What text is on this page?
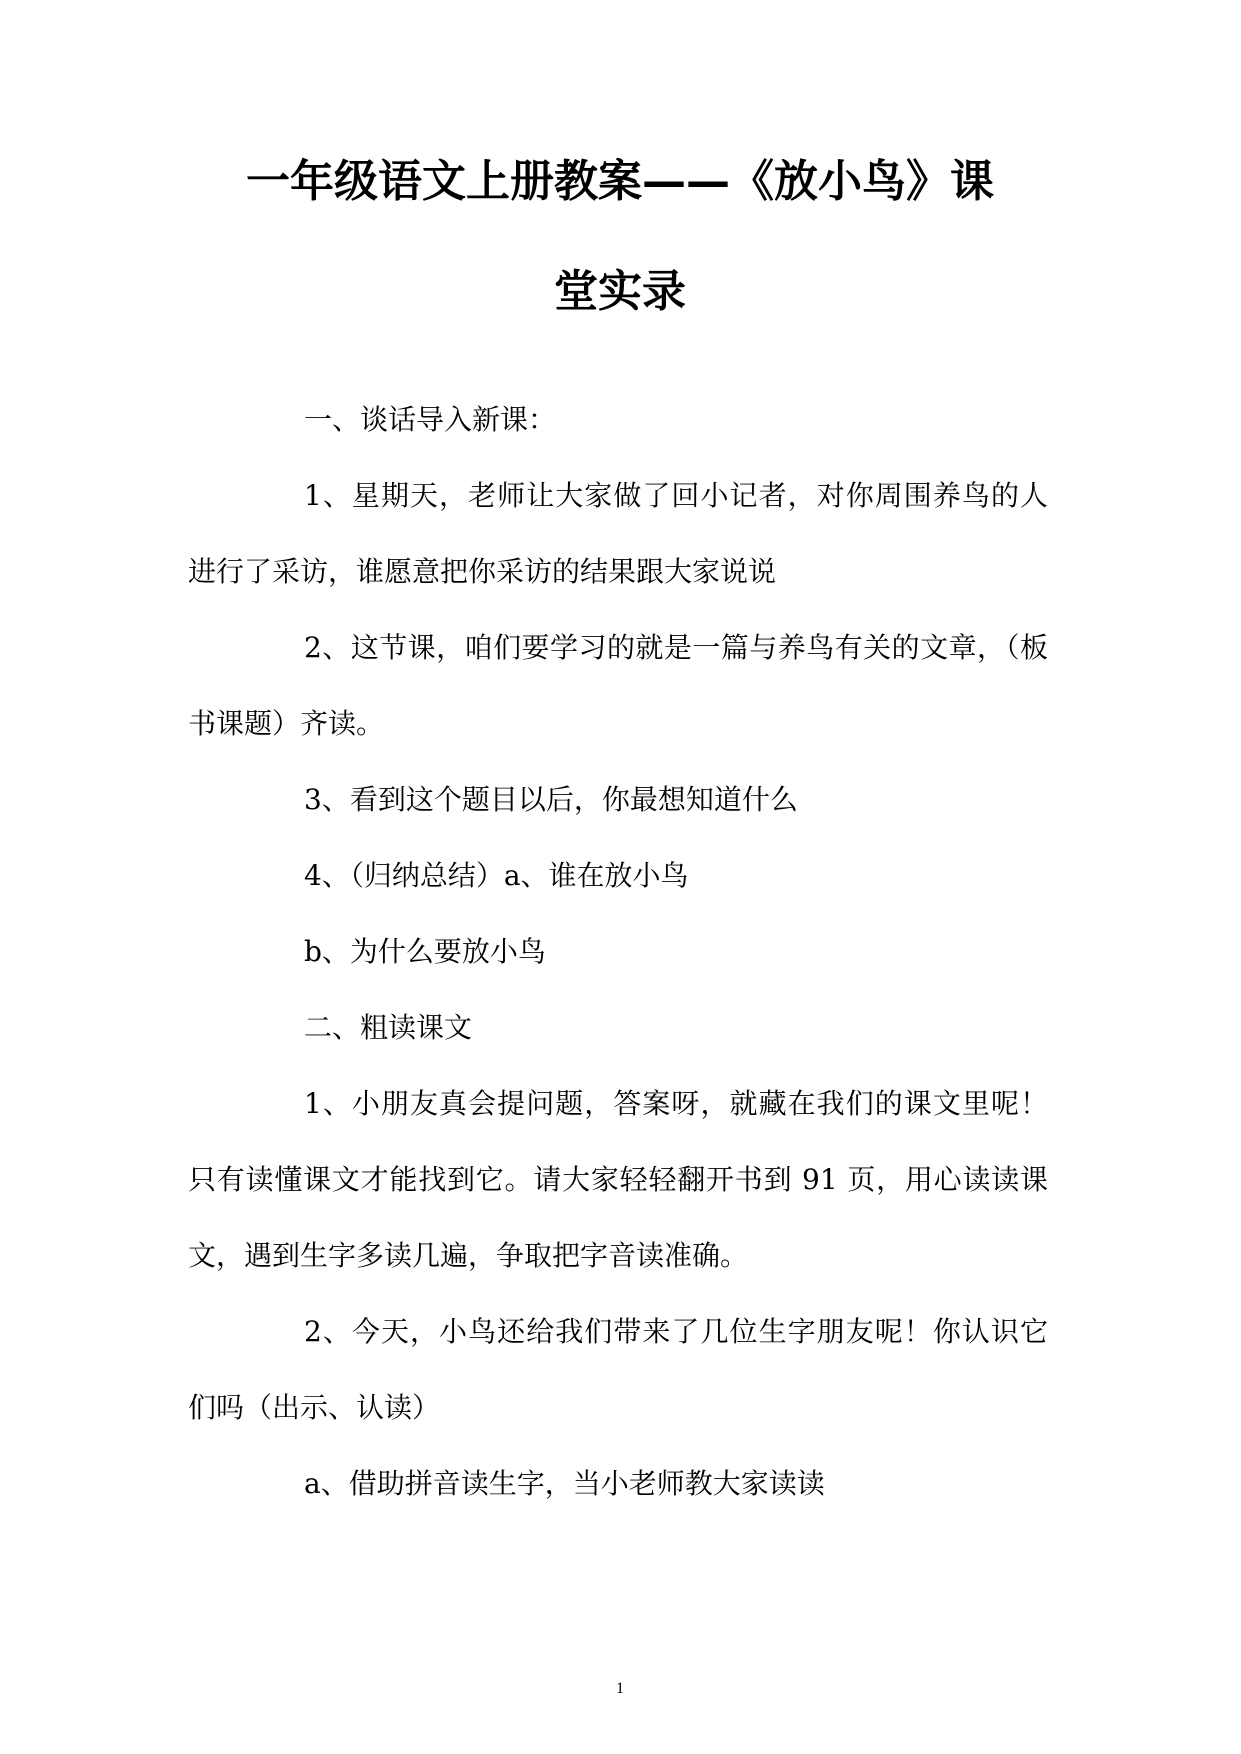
一年级语文上册教案——《放小鸟》课
堂实录

一、谈话导入新课：

1、星期天，老师让大家做了回小记者，对你周围养鸟的人进行了采访，谁愿意把你采访的结果跟大家说说

2、这节课，咱们要学习的就是一篇与养鸟有关的文章，（板书课题）齐读。

3、看到这个题目以后，你最想知道什么

4、（归纳总结）a、谁在放小鸟

b、为什么要放小鸟

二、粗读课文

1、小朋友真会提问题，答案呀，就藏在我们的课文里呢！只有读懂课文才能找到它。请大家轻轻翻开书到 91 页，用心读读课文，遇到生字多读几遍，争取把字音读准确。

2、今天，小鸟还给我们带来了几位生字朋友呢！你认识它们吗（出示、认读）

a、借助拼音读生字，当小老师教大家读读

1
